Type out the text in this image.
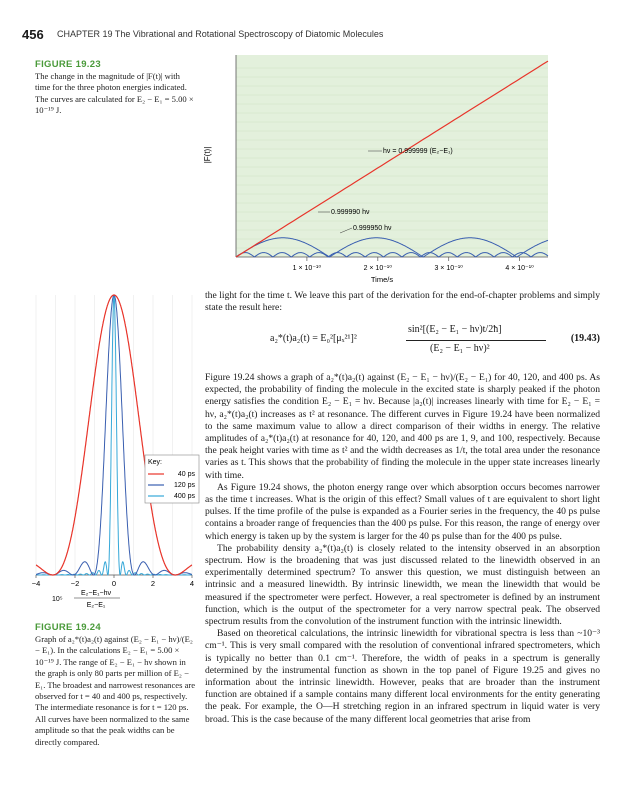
456 CHAPTER 19 The Vibrational and Rotational Spectroscopy of Diatomic Molecules
FIGURE 19.23
The change in the magnitude of |F(t)| with time for the three photon energies indicated. The curves are calculated for E₂ − E₁ = 5.00 × 10⁻¹⁹ J.
1 × 10⁻¹⁰	2 × 10⁻¹⁰	3 × 10⁻¹⁰	4 × 10⁻¹⁰
|F(t)|
Time/s
hν = 0.999999 (E₂−E₁)
0.999990 hν
0.999950 hν
−4	−2	0	2	4
Key:
40 ps
120 ps
400 ps
E₂−E₁−hν
E₂−E₁
10⁵
FIGURE 19.24
Graph of a₂*(t)a₂(t) against (E₂ − E₁ − hν)/(E₂ − E₁). In the calculations E₂ − E₁ = 5.00 × 10⁻¹⁹ J. The range of E₂ − E₁ − hν shown in the graph is only 80 parts per million of E₂ − E₁. The broadest and narrowest resonances are observed for t = 40 and 400 ps, respectively. The intermediate resonance is for t = 120 ps. All curves have been normalized to the same amplitude so that the peak widths can be directly compared.

the light for the time t. We leave this part of the derivation for the end-of-chapter problems and simply state the result here:

a₂*(t)a₂(t) = E₀²[μₓ²¹]²
sin²[(E₂ − E₁ − hν)t/2ħ]
(E₂ − E₁ − hν)²
(19.43)

Figure 19.24 shows a graph of a₂*(t)a₂(t) against (E₂ − E₁ − hν)/(E₂ − E₁) for 40, 120, and 400 ps. As expected, the probability of finding the molecule in the excited state is sharply peaked if the photon energy satisfies the condition E₂ − E₁ = hν. Because |a₂(t)| increases linearly with time for E₂ − E₁ = hν, a₂*(t)a₂(t) increases as t² at resonance. The different curves in Figure 19.24 have been normalized to the same maximum value to allow a direct comparison of their widths in energy. The relative amplitudes of a₂*(t)a₂(t) at resonance for 40, 120, and 400 ps are 1, 9, and 100, respectively. Because the peak height varies with time as t² and the width decreases as 1/t, the total area under the resonance varies as t. This shows that the probability of finding the molecule in the upper state increases linearly with time.

As Figure 19.24 shows, the photon energy range over which absorption occurs becomes narrower as the time t increases. What is the origin of this effect? Small values of t are equivalent to short light pulses. If the time profile of the pulse is expanded as a Fourier series in the frequency, the 40 ps pulse contains a broader range of frequencies than the 400 ps pulse. For this reason, the range of energy over which energy is taken up by the system is larger for the 40 ps pulse than for the 400 ps pulse.

The probability density a₂*(t)a₂(t) is closely related to the intensity observed in an absorption spectrum. How is the broadening that was just discussed related to the linewidth observed in an experimentally determined spectrum? To answer this question, we must distinguish between an intrinsic and a measured linewidth. By intrinsic linewidth, we mean the linewidth that would be measured if the spectrometer were perfect. However, a real spectrometer is defined by an instrument function, which is the output of the spectrometer for a very narrow spectral peak. The observed spectrum results from the convolution of the instrument function with the intrinsic linewidth.

Based on theoretical calculations, the intrinsic linewidth for vibrational spectra is less than ~10⁻³ cm⁻¹. This is very small compared with the resolution of conventional infrared spectrometers, which is typically no better than 0.1 cm⁻¹. Therefore, the width of peaks in a spectrum is generally determined by the instrumental function as shown in the top panel of Figure 19.25 and gives no information about the intrinsic linewidth. However, peaks that are broader than the instrument function are obtained if a sample contains many different local environments for the entity generating the peak. For example, the O—H stretching region in an infrared spectrum in liquid water is very broad. This is the case because of the many different local geometries that arise from
